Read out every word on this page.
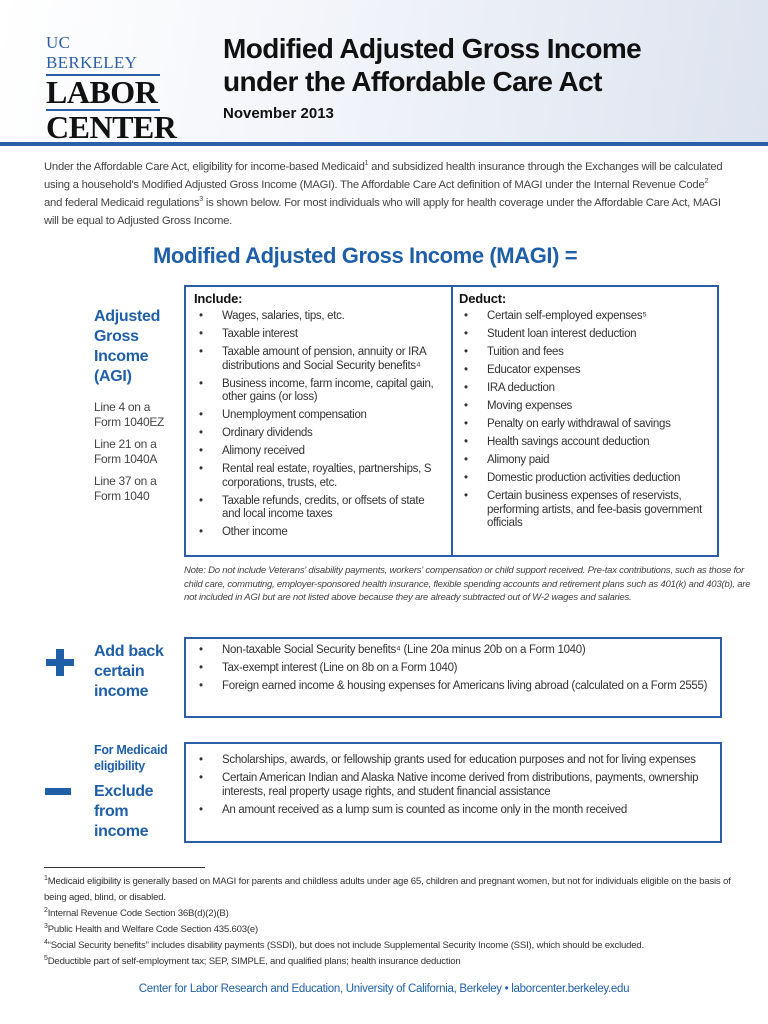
UC BERKELEY
LABOR
CENTER
Modified Adjusted Gross Income
under the Affordable Care Act
November 2013
Under the Affordable Care Act, eligibility for income-based Medicaid$^1$ and subsidized health insurance through the Exchanges will be calculated using a household's Modified Adjusted Gross Income (MAGI). The Affordable Care Act definition of MAGI under the Internal Revenue Code$^2$ and federal Medicaid regulations$^3$ is shown below. For most individuals who will apply for health coverage under the Affordable Care Act, MAGI will be equal to Adjusted Gross Income.
Modified Adjusted Gross Income (MAGI) =
Adjusted
Gross
Income
(AGI)
Line 4 on a Form 1040EZ
Line 21 on a Form 1040A
Line 37 on a Form 1040
Include:
• Wages, salaries, tips, etc.
• Taxable interest
• Taxable amount of pension, annuity or IRA distributions and Social Security benefits⁴
• Business income, farm income, capital gain, other gains (or loss)
• Unemployment compensation
• Ordinary dividends
• Alimony received
• Rental real estate, royalties, partnerships, S corporations, trusts, etc.
• Taxable refunds, credits, or offsets of state and local income taxes
• Other income
Deduct:
• Certain self-employed expenses⁵
• Student loan interest deduction
• Tuition and fees
• Educator expenses
• IRA deduction
• Moving expenses
• Penalty on early withdrawal of savings
• Health savings account deduction
• Alimony paid
• Domestic production activities deduction
• Certain business expenses of reservists, performing artists, and fee-basis government officials
Note: Do not include Veterans' disability payments, workers' compensation or child support received. Pre-tax contributions, such as those for child care, commuting, employer-sponsored health insurance, flexible spending accounts and retirement plans such as 401(k) and 403(b), are not included in AGI but are not listed above because they are already subtracted out of W-2 wages and salaries.
Add back
certain
income
• Non-taxable Social Security benefits⁴ (Line 20a minus 20b on a Form 1040)
• Tax-exempt interest (Line on 8b on a Form 1040)
• Foreign earned income & housing expenses for Americans living abroad (calculated on a Form 2555)
For Medicaid
eligibility
Exclude
from
income
• Scholarships, awards, or fellowship grants used for education purposes and not for living expenses
• Certain American Indian and Alaska Native income derived from distributions, payments, ownership interests, real property usage rights, and student financial assistance
• An amount received as a lump sum is counted as income only in the month received
$^1$Medicaid eligibility is generally based on MAGI for parents and childless adults under age 65, children and pregnant women, but not for individuals eligible on the basis of being aged, blind, or disabled.
$^2$Internal Revenue Code Section 36B(d)(2)(B)
$^3$Public Health and Welfare Code Section 435.603(e)
$^4$“Social Security benefits” includes disability payments (SSDI), but does not include Supplemental Security Income (SSI), which should be excluded.
$^5$Deductible part of self-employment tax; SEP, SIMPLE, and qualified plans; health insurance deduction
Center for Labor Research and Education, University of California, Berkeley • laborcenter.berkeley.edu
